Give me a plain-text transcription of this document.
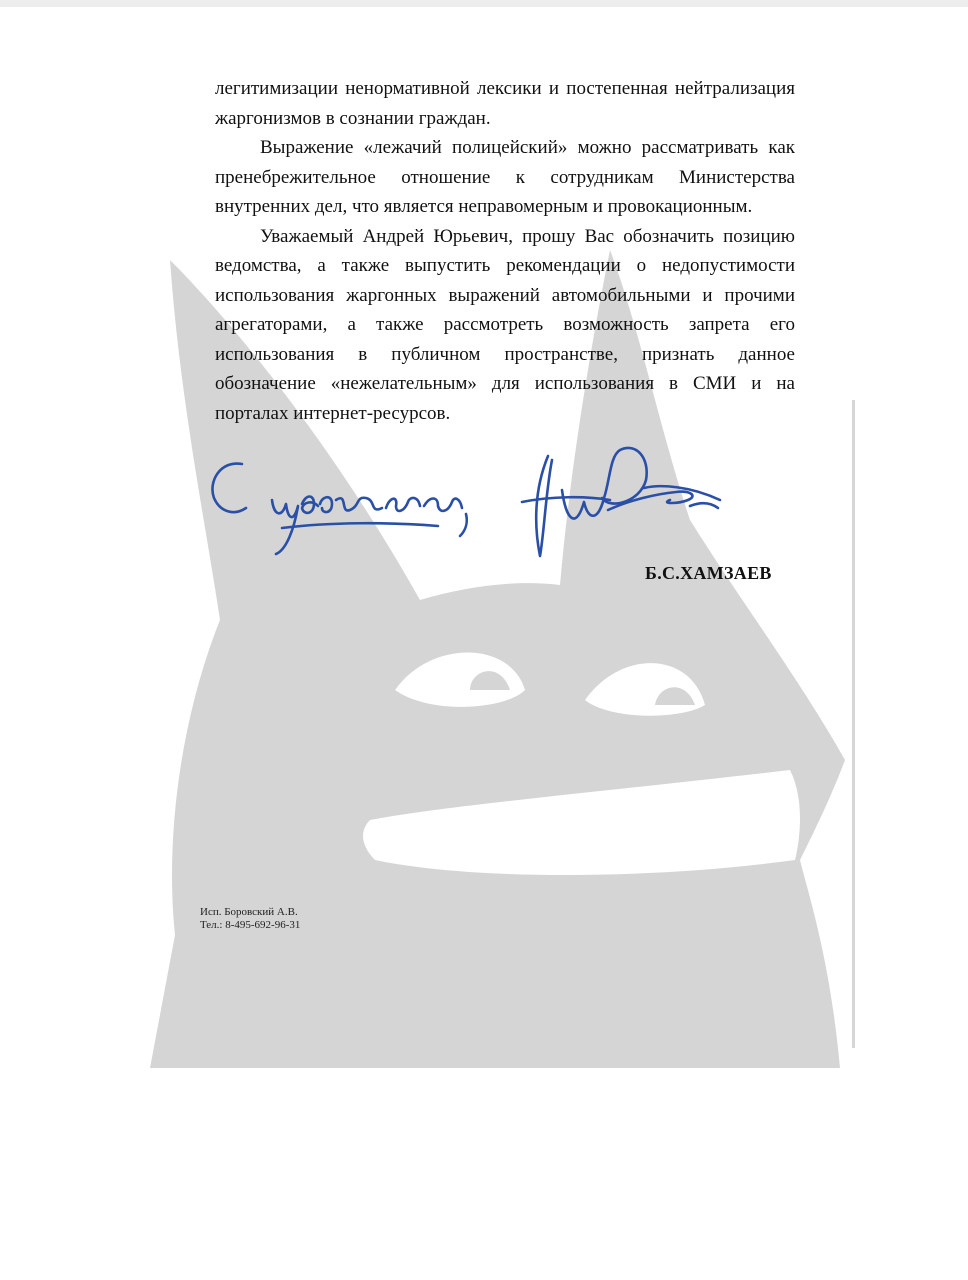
легитимизации ненормативной лексики и постепенная нейтрализация жаргонизмов в сознании граждан.

Выражение «лежачий полицейский» можно рассматривать как пренебрежительное отношение к сотрудникам Министерства внутренних дел, что является неправомерным и провокационным.

Уважаемый Андрей Юрьевич, прошу Вас обозначить позицию ведомства, а также выпустить рекомендации о недопустимости использования жаргонных выражений автомобильными и прочими агрегаторами, а также рассмотреть возможность запрета его использования в публичном пространстве, признать данное обозначение «нежелательным» для использования в СМИ и на порталах интернет-ресурсов.

Б.С.ХАМЗАЕВ
Исп. Боровский А.В.
Тел.: 8-495-692-96-31
